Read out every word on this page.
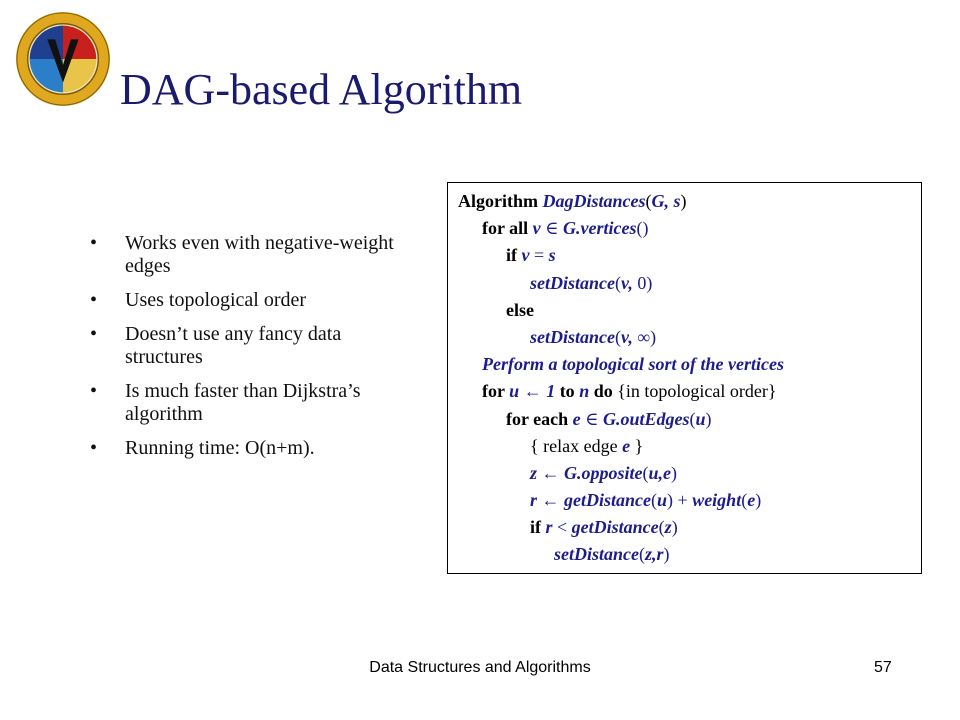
DAG-based Algorithm
• Works even with negative-weight edges
• Uses topological order
• Doesn’t use any fancy data structures
• Is much faster than Dijkstra’s algorithm
• Running time: O(n+m).
Algorithm DagDistances(G, s)
for all v ∈ G.vertices()
if v = s
setDistance(v, 0)
else
setDistance(v, ∞)
Perform a topological sort of the vertices
for u ← 1 to n do {in topological order}
for each e ∈ G.outEdges(u)
{ relax edge e }
z ← G.opposite(u,e)
r ← getDistance(u) + weight(e)
if r < getDistance(z)
setDistance(z,r)
Data Structures and Algorithms	57
